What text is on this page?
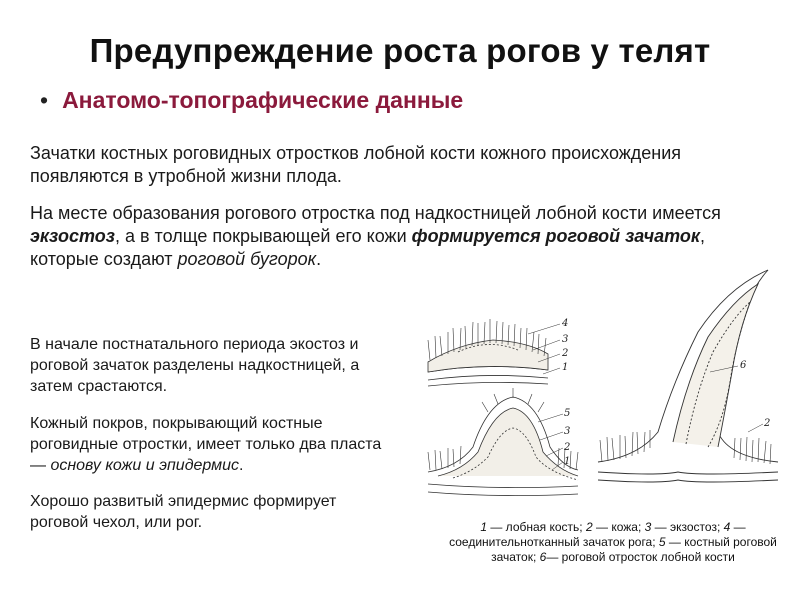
Предупреждение роста рогов у телят
• Анатомо-топографические данные
Зачатки костных роговидных отростков лобной кости кожного происхождения появляются в утробной жизни плода.
На месте образования рогового отростка под надкостницей лобной кости имеется экзостоз, а в толще покрывающей его кожи формируется роговой зачаток, которые создают роговой бугорок.
В начале постнатального периода экостоз и роговой зачаток разделены надкостницей, а затем срастаются.
Кожный покров, покрывающий костные роговидные отростки, имеет только два пласта — основу кожи и эпидермис.
Хорошо развитый эпидермис формирует роговой чехол, или рог.
4
3
2
1
5
3
2
1
6
2
1 — лобная кость; 2 — кожа; 3 — экзостоз; 4 — соединительнотканный зачаток рога; 5 — костный роговой зачаток; 6— роговой отросток лобной кости
